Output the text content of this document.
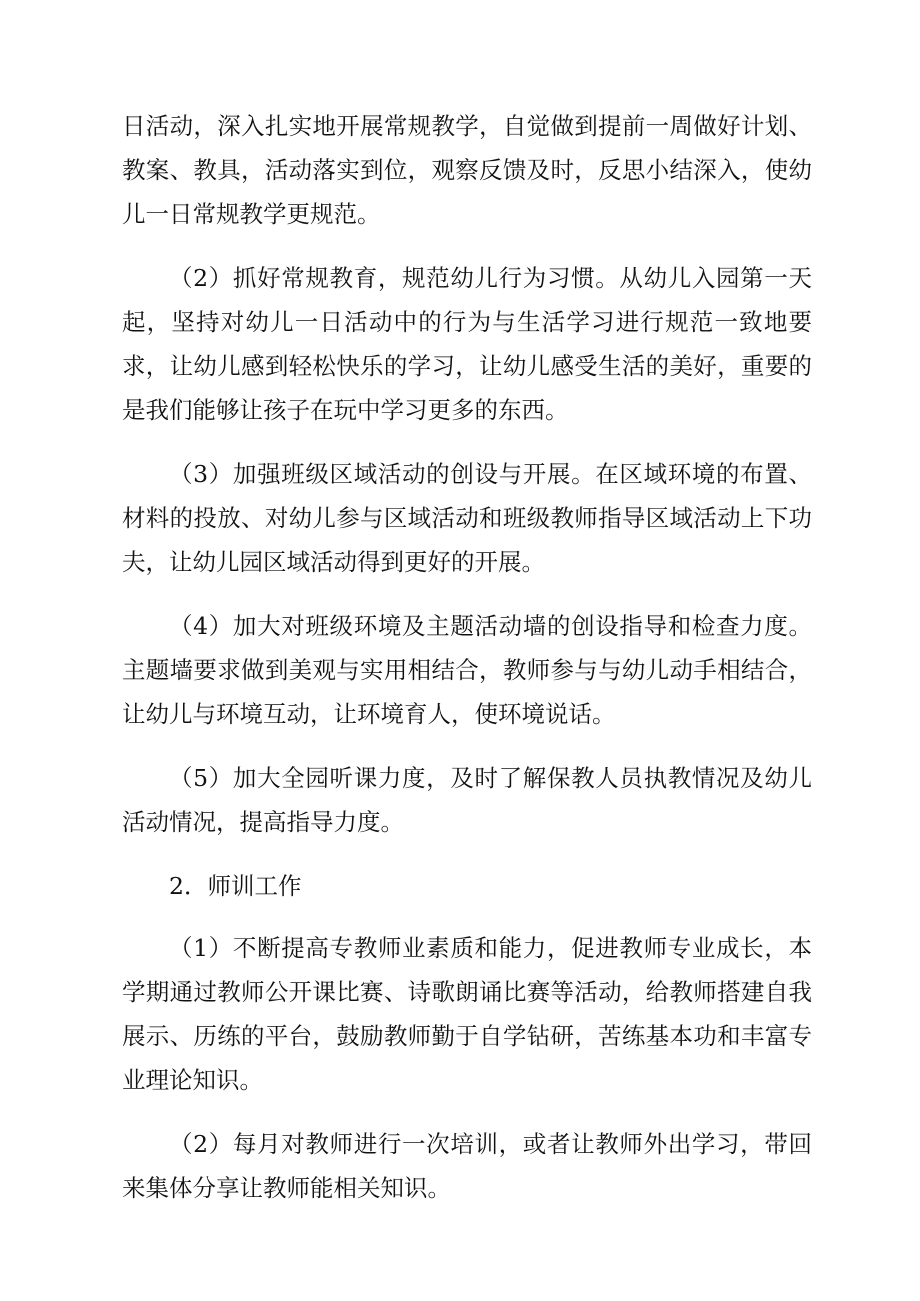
日活动，深入扎实地开展常规教学，自觉做到提前一周做好计划、教案、教具，活动落实到位，观察反馈及时，反思小结深入，使幼儿一日常规教学更规范。

（2）抓好常规教育，规范幼儿行为习惯。从幼儿入园第一天起，坚持对幼儿一日活动中的行为与生活学习进行规范一致地要求，让幼儿感到轻松快乐的学习，让幼儿感受生活的美好，重要的是我们能够让孩子在玩中学习更多的东西。

（3）加强班级区域活动的创设与开展。在区域环境的布置、材料的投放、对幼儿参与区域活动和班级教师指导区域活动上下功夫，让幼儿园区域活动得到更好的开展。

（4）加大对班级环境及主题活动墙的创设指导和检查力度。主题墙要求做到美观与实用相结合，教师参与与幼儿动手相结合，让幼儿与环境互动，让环境育人，使环境说话。

（5）加大全园听课力度，及时了解保教人员执教情况及幼儿活动情况，提高指导力度。

2．师训工作

（1）不断提高专教师业素质和能力，促进教师专业成长，本学期通过教师公开课比赛、诗歌朗诵比赛等活动，给教师搭建自我展示、历练的平台，鼓励教师勤于自学钻研，苦练基本功和丰富专业理论知识。

（2）每月对教师进行一次培训，或者让教师外出学习，带回来集体分享让教师能相关知识。
